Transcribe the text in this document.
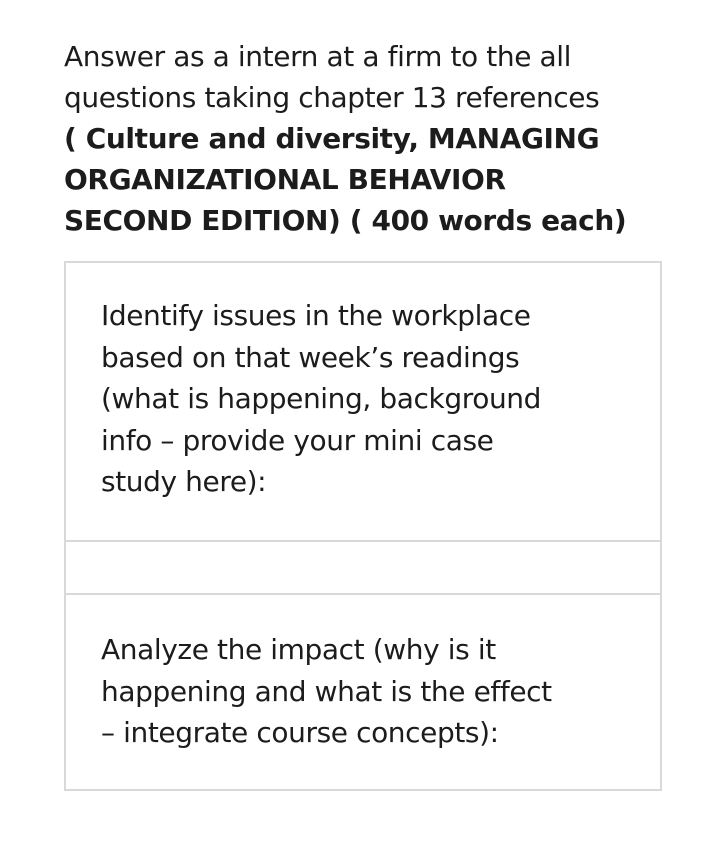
Answer as a intern at a firm to the all
questions taking chapter 13 references
( Culture and diversity, MANAGING
ORGANIZATIONAL BEHAVIOR
SECOND EDITION) ( 400 words each)
Identify issues in the workplace
based on that week’s readings
(what is happening, background
info – provide your mini case
study here):
Analyze the impact (why is it
happening and what is the effect
– integrate course concepts):
